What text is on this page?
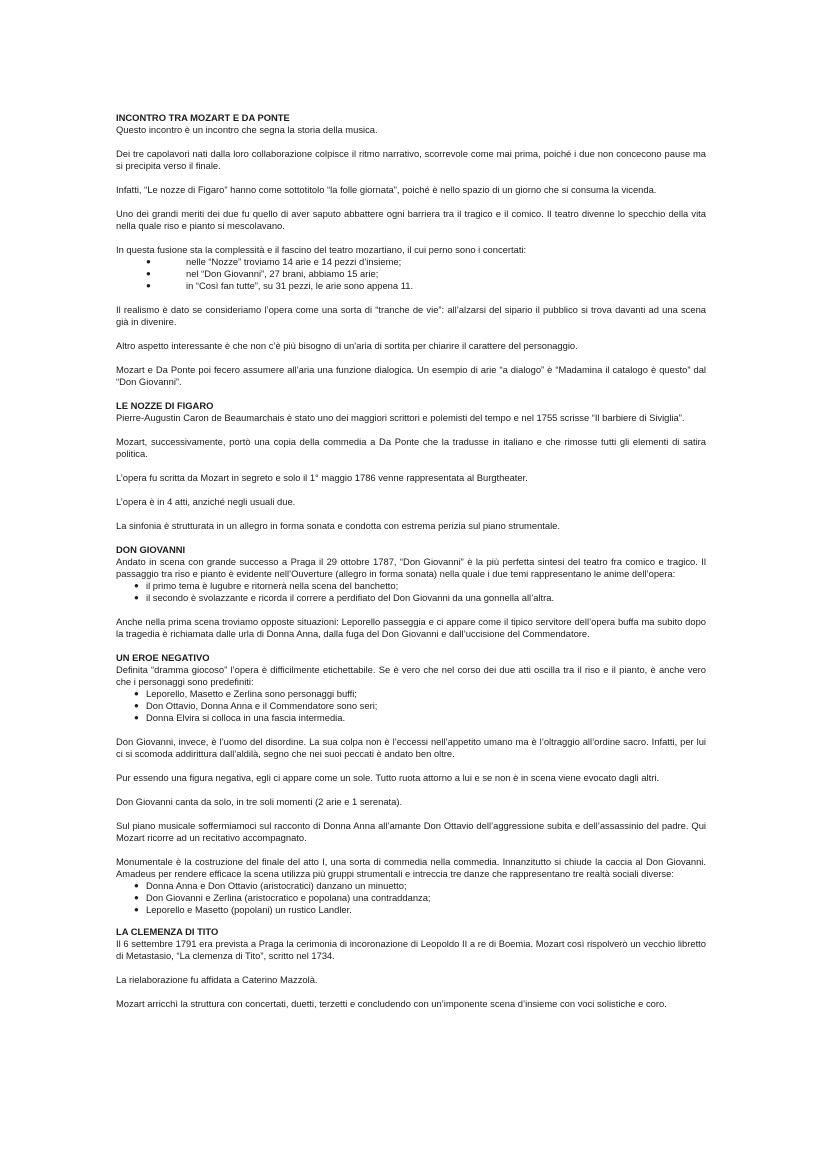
INCONTRO TRA MOZART E DA PONTE

Questo incontro è un incontro che segna la storia della musica.

Dei tre capolavori nati dalla loro collaborazione colpisce il ritmo narrativo, scorrevole come mai prima, poiché i due non concecono pause ma si precipita verso il finale.

Infatti, “Le nozze di Figaro” hanno come sottotitolo “la folle giornata”, poiché è nello spazio di un giorno che si consuma la vicenda.

Uno dei grandi meriti dei due fu quello di aver saputo abbattere ogni barriera tra il tragico e il comico. Il teatro divenne lo specchio della vita nella quale riso e pianto si mescolavano.

In questa fusione sta la complessità e il fascino del teatro mozartiano, il cui perno sono i concertati:

●	nelle “Nozze” troviamo 14 arie e 14 pezzi d’insieme;
●	nel “Don Giovanni”, 27 brani, abbiamo 15 arie;
●	in “Così fan tutte”, su 31 pezzi, le arie sono appena 11.

Il realismo è dato se consideriamo l’opera come una sorta di “tranche de vie”: all’alzarsi del sipario il pubblico si trova davanti ad una scena già in divenire.

Altro aspetto interessante è che non c’è più bisogno di un’aria di sortita per chiarire il carattere del personaggio.

Mozart e Da Ponte poi fecero assumere all’aria una funzione dialogica. Un esempio di arie “a dialogo” è “Madamina il catalogo è questo” dal “Don Giovanni”.

LE NOZZE DI FIGARO

Pierre-Augustin Caron de Beaumarchais è stato uno dei maggiori scrittori e polemisti del tempo e nel 1755 scrisse “Il barbiere di Siviglia”.

Mozart, successivamente, portò una copia della commedia a Da Ponte che la tradusse in italiano e che rimosse tutti gli elementi di satira politica.

L’opera fu scritta da Mozart in segreto e solo il 1° maggio 1786 venne rappresentata al Burgtheater.

L’opera è in 4 atti, anziché negli usuali due.

La sinfonia è strutturata in un allegro in forma sonata e condotta con estrema perizia sul piano strumentale.

DON GIOVANNI

Andato in scena con grande successo a Praga il 29 ottobre 1787, “Don Giovanni” è la più perfetta sintesi del teatro fra comico e tragico. Il passaggio tra riso e pianto è evidente nell’Ouverture (allegro in forma sonata) nella quale i due temi rappresentano le anime dell’opera:

● il primo tema è lugubre e ritornerà nella scena del banchetto;
● il secondo è svolazzante e ricorda il correre a perdifiato del Don Giovanni da una gonnella all’altra.

Anche nella prima scena troviamo opposte situazioni: Leporello passeggia e ci appare come il tipico servitore dell’opera buffa ma subito dopo la tragedia è richiamata dalle urla di Donna Anna, dalla fuga del Don Giovanni e dall’uccisione del Commendatore.

UN EROE NEGATIVO

Definita “dramma giocoso” l’opera è difficilmente etichettabile. Se è vero che nel corso dei due atti oscilla tra il riso e il pianto, è anche vero che i personaggi sono predefiniti:

● Leporello, Masetto e Zerlina sono personaggi buffi;
● Don Ottavio, Donna Anna e il Commendatore sono seri;
● Donna Elvira si colloca in una fascia intermedia.

Don Giovanni, invece, è l’uomo del disordine. La sua colpa non è l’eccessi nell’appetito umano ma è l’oltraggio all’ordine sacro. Infatti, per lui ci si scomoda addirittura dall’aldilà, segno che nei suoi peccati è andato ben oltre.

Pur essendo una figura negativa, egli ci appare come un sole. Tutto ruota attorno a lui e se non è in scena viene evocato dagli altri.

Don Giovanni canta da solo, in tre soli momenti (2 arie e 1 serenata).

Sul piano musicale soffermiamoci sul racconto di Donna Anna all’amante Don Ottavio dell’aggressione subita e dell’assassinio del padre. Qui Mozart ricorre ad un recitativo accompagnato.

Monumentale è la costruzione del finale del atto I, una sorta di commedia nella commedia. Innanzitutto si chiude la caccia al Don Giovanni. Amadeus per rendere efficace la scena utilizza più gruppi strumentali e intreccia tre danze che rappresentano tre realtà sociali diverse:

● Donna Anna e Don Ottavio (aristocratici) danzano un minuetto;
● Don Giovanni e Zerlina (aristocratico e popolana) una contraddanza;
● Leporello e Masetto (popolani) un rustico Landler.

LA CLEMENZA DI TITO

Il 6 settembre 1791 era prevista a Praga la cerimonia di incoronazione di Leopoldo II a re di Boemia. Mozart così rispolverò un vecchio libretto di Metastasio, “La clemenza di Tito”, scritto nel 1734.

La rielaborazione fu affidata a Caterino Mazzolà.

Mozart arricchì la struttura con concertati, duetti, terzetti e concludendo con un’imponente scena d’insieme con voci solistiche e coro.
